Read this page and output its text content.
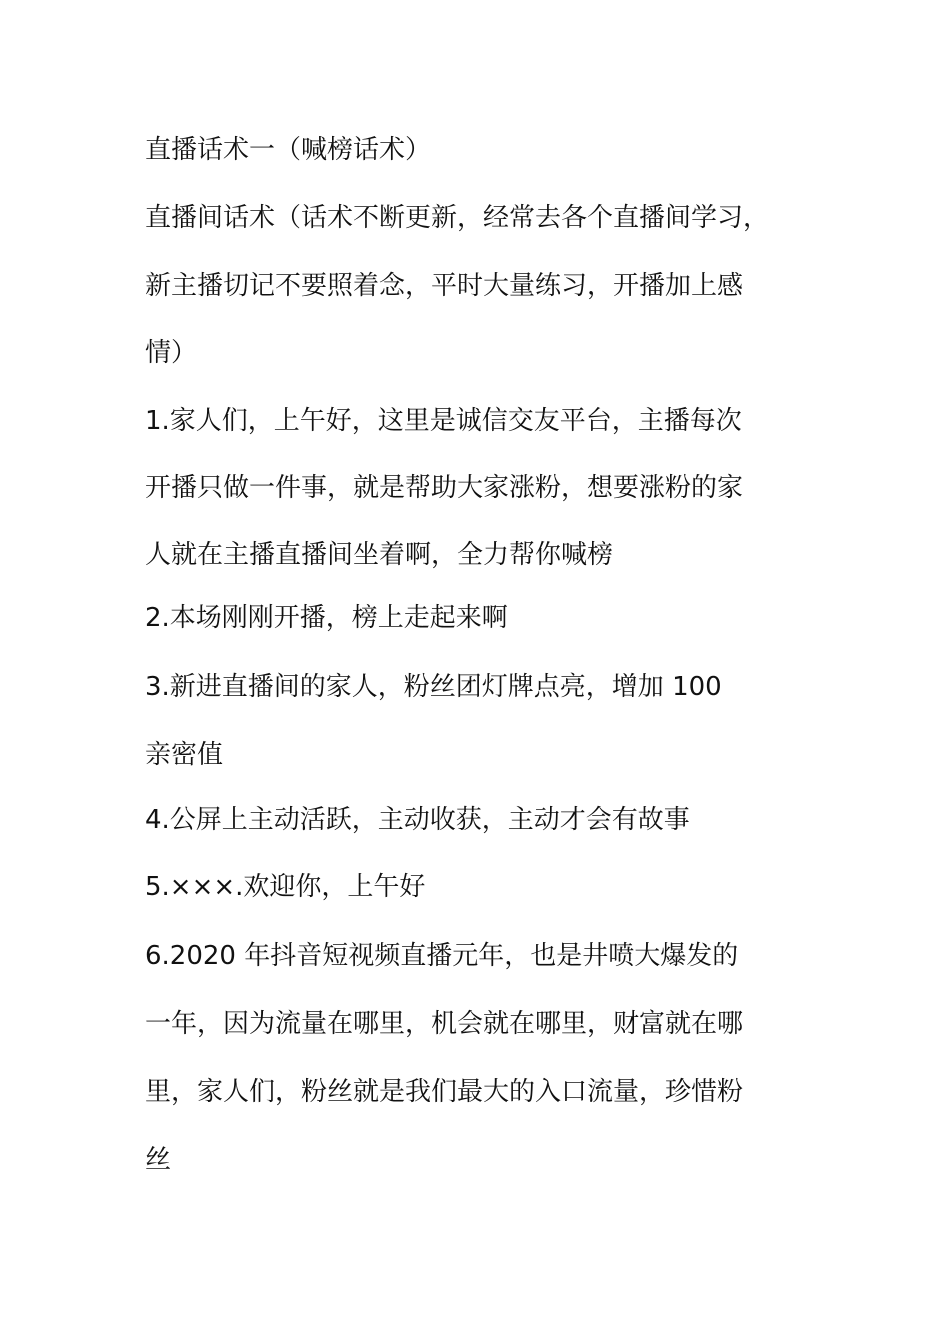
直播话术一（喊榜话术）

直播间话术（话术不断更新，经常去各个直播间学习，

新主播切记不要照着念，平时大量练习，开播加上感

情）

1.家人们，上午好，这里是诚信交友平台，主播每次

开播只做一件事，就是帮助大家涨粉，想要涨粉的家

人就在主播直播间坐着啊，全力帮你喊榜

2.本场刚刚开播，榜上走起来啊

3.新进直播间的家人，粉丝团灯牌点亮，增加 100

亲密值

4.公屏上主动活跃，主动收获，主动才会有故事

5.×××.欢迎你，上午好

6.2020 年抖音短视频直播元年，也是井喷大爆发的

一年，因为流量在哪里，机会就在哪里，财富就在哪

里，家人们，粉丝就是我们最大的入口流量，珍惜粉

丝
